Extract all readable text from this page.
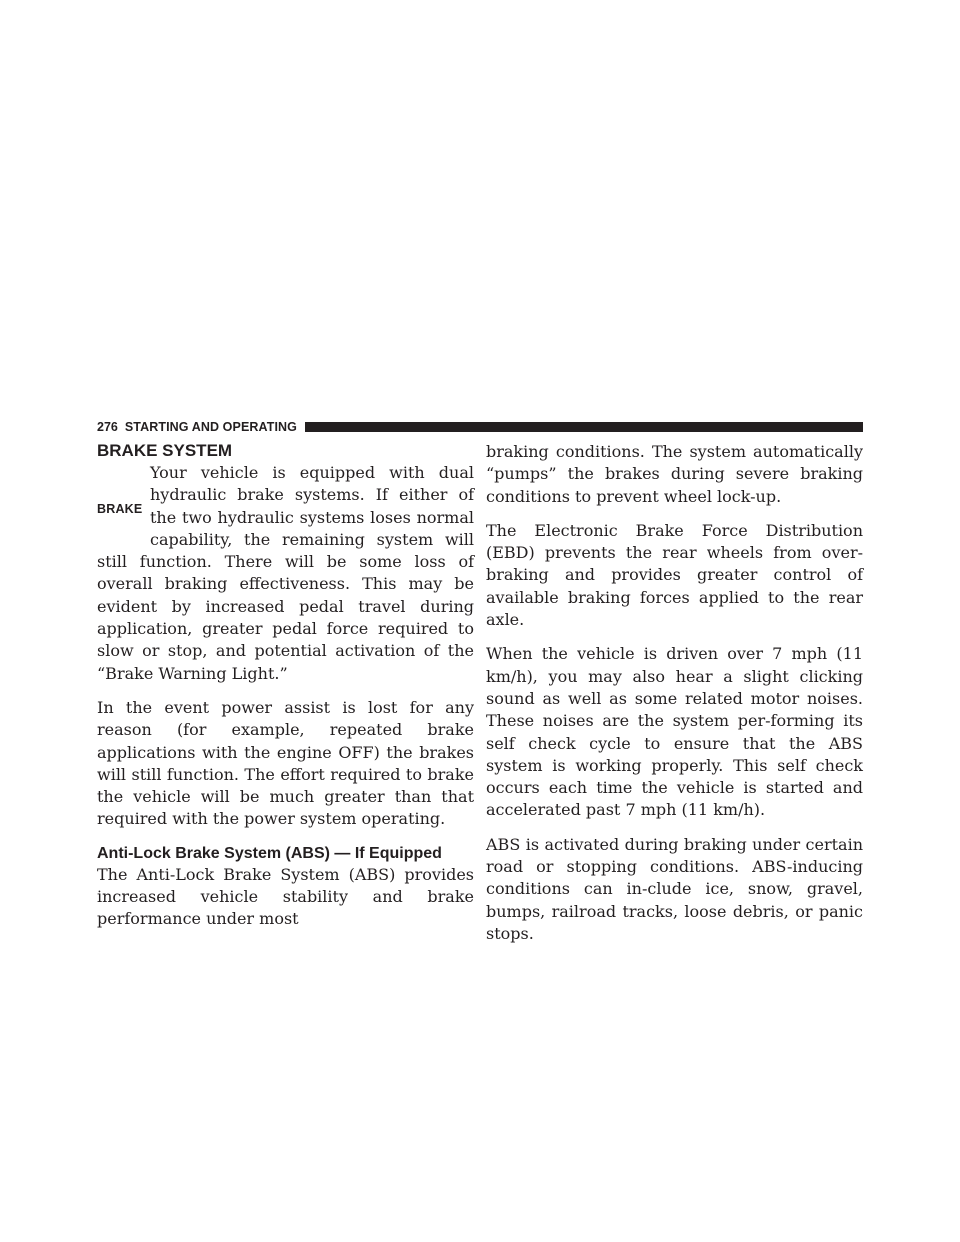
276 STARTING AND OPERATING
BRAKE SYSTEM
BRAKE

Your vehicle is equipped with dual hydraulic brake systems. If either of the two hydraulic systems loses normal capability, the remaining system will still function. There will be some loss of overall braking effectiveness. This may be evident by increased pedal travel during application, greater pedal force required to slow or stop, and potential activation of the “Brake Warning Light.”

In the event power assist is lost for any reason (for example, repeated brake applications with the engine OFF) the brakes will still function. The effort required to brake the vehicle will be much greater than that required with the power system operating.

Anti-Lock Brake System (ABS) — If Equipped

The Anti-Lock Brake System (ABS) provides increased vehicle stability and brake performance under most

braking conditions. The system automatically “pumps” the brakes during severe braking conditions to prevent wheel lock-up.

The Electronic Brake Force Distribution (EBD) prevents the rear wheels from over-braking and provides greater control of available braking forces applied to the rear axle.

When the vehicle is driven over 7 mph (11 km/h), you may also hear a slight clicking sound as well as some related motor noises. These noises are the system per-forming its self check cycle to ensure that the ABS system is working properly. This self check occurs each time the vehicle is started and accelerated past 7 mph (11 km/h).

ABS is activated during braking under certain road or stopping conditions. ABS-inducing conditions can in-clude ice, snow, gravel, bumps, railroad tracks, loose debris, or panic stops.
